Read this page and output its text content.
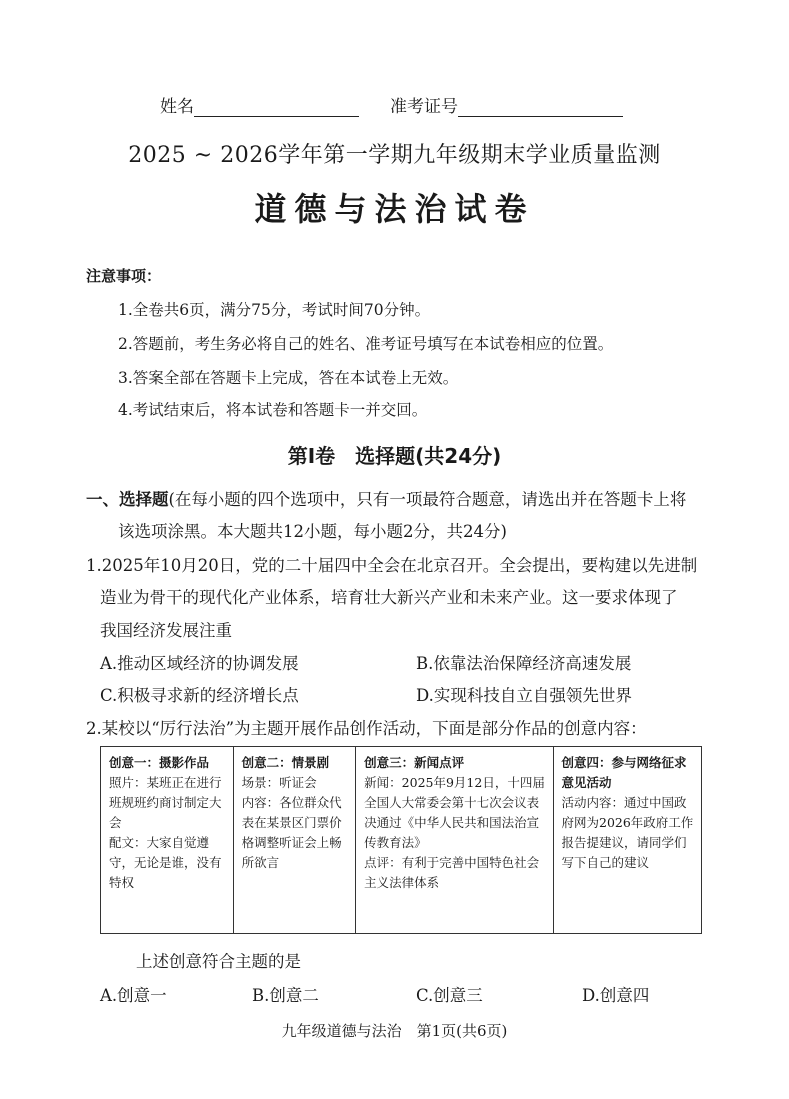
姓名	准考证号
2025 ~ 2026学年第一学期九年级期末学业质量监测
道德与法治试卷
注意事项：
1.全卷共6页，满分75分，考试时间70分钟。
2.答题前，考生务必将自己的姓名、准考证号填写在本试卷相应的位置。
3.答案全部在答题卡上完成，答在本试卷上无效。
4.考试结束后，将本试卷和答题卡一并交回。
第Ⅰ卷　选择题(共24分)
一、选择题(在每小题的四个选项中，只有一项最符合题意，请选出并在答题卡上将
该选项涂黑。本大题共12小题，每小题2分，共24分)
1.2025年10月20日，党的二十届四中全会在北京召开。全会提出，要构建以先进制
造业为骨干的现代化产业体系，培育壮大新兴产业和未来产业。这一要求体现了
我国经济发展注重
A.推动区域经济的协调发展	B.依靠法治保障经济高速发展
C.积极寻求新的经济增长点	D.实现科技自立自强领先世界
2.某校以“厉行法治”为主题开展作品创作活动，下面是部分作品的创意内容：
创意一：摄影作品
照片：某班正在进行班规班约商讨制定大会
配文：大家自觉遵守，无论是谁，没有特权
创意二：情景剧
场景：听证会
内容：各位群众代表在某景区门票价格调整听证会上畅所欲言
创意三：新闻点评
新闻：2025年9月12日，十四届全国人大常委会第十七次会议表决通过《中华人民共和国法治宣传教育法》
点评：有利于完善中国特色社会主义法律体系
创意四：参与网络征求意见活动
活动内容：通过中国政府网为2026年政府工作报告提建议，请同学们写下自己的建议
上述创意符合主题的是
A.创意一	B.创意二	C.创意三	D.创意四
九年级道德与法治　第1页(共6页)
